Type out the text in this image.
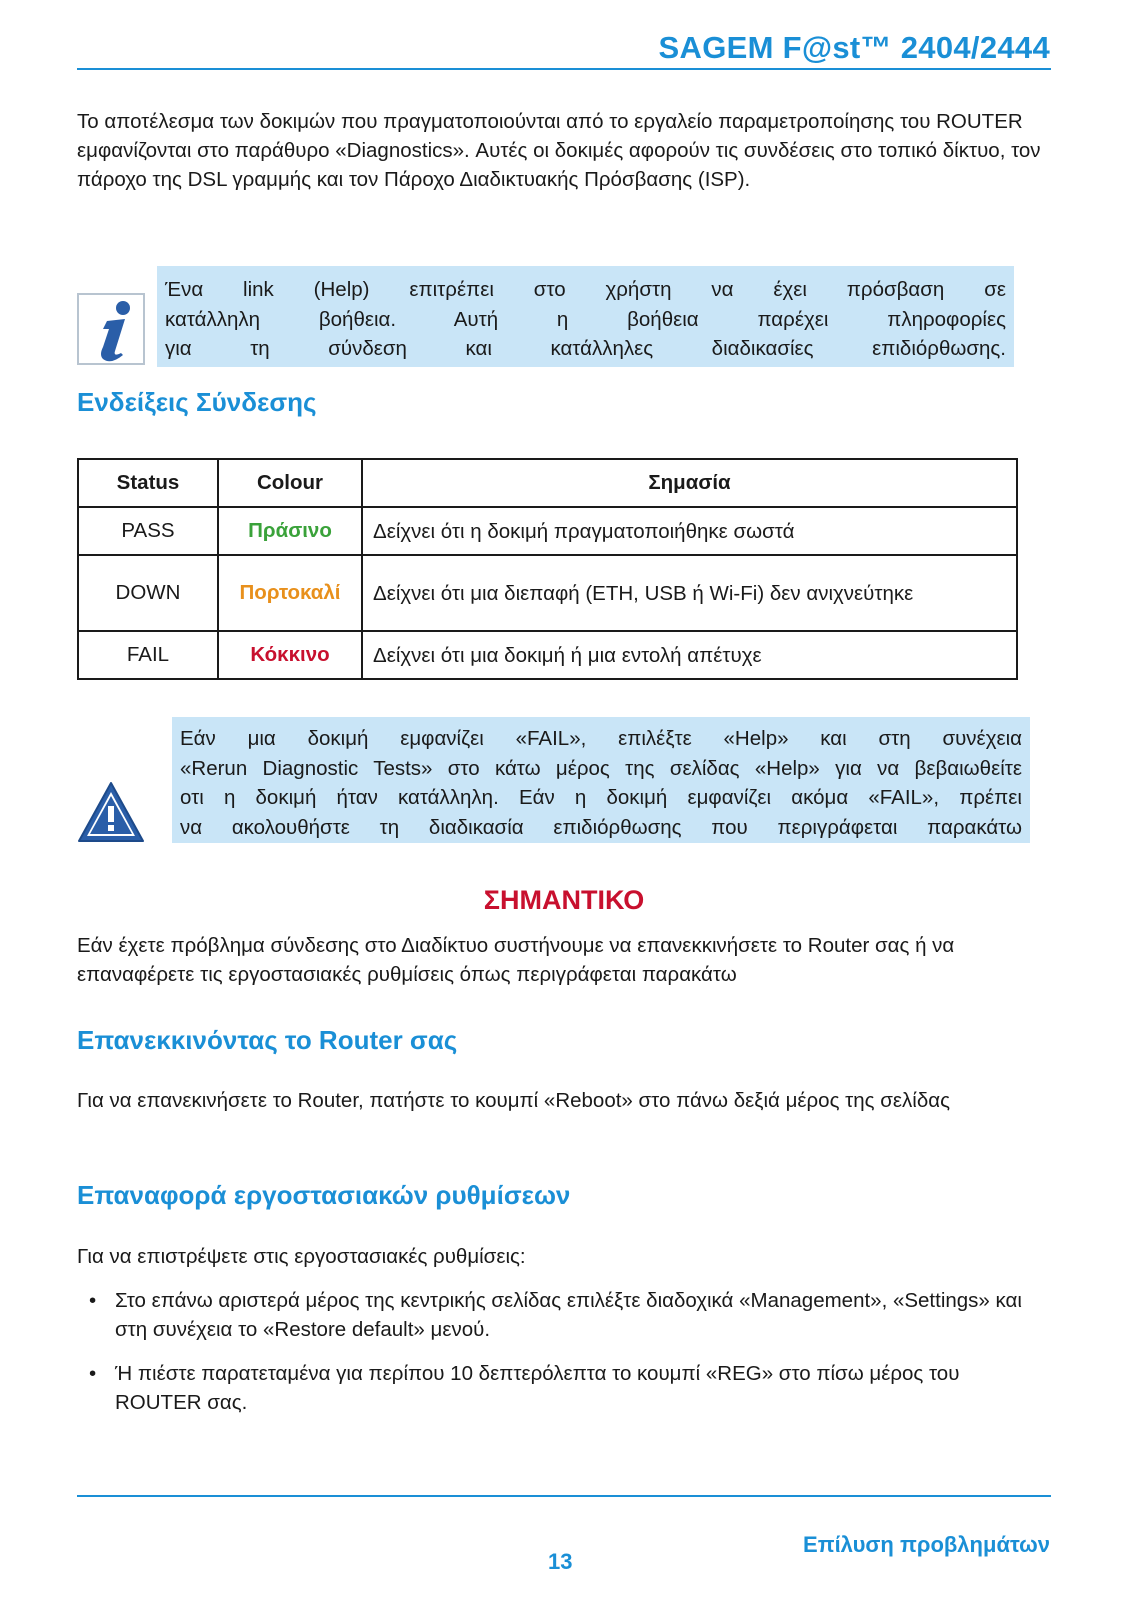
SAGEM F@st™ 2404/2444

Το αποτέλεσμα των δοκιμών που πραγματοποιούνται από το εργαλείο παραμετροποίησης του ROUTER εμφανίζονται στο παράθυρο «Diagnostics». Αυτές οι δοκιμές αφορούν τις συνδέσεις στο τοπικό δίκτυο, τον πάροχο της DSL γραμμής και τον Πάροχο Διαδικτυακής Πρόσβασης (ISP).

Ένα link (Help) επιτρέπει στο χρήστη να έχει πρόσβαση σε
κατάλληλη βοήθεια. Αυτή η βοήθεια παρέχει πληροφορίες
για τη σύνδεση και κατάλληλες διαδικασίες επιδιόρθωσης.
Ενδείξεις Σύνδεσης
Status	Colour	Σημασία
PASS	Πράσινο	Δείχνει ότι η δοκιμή πραγματοποιήθηκε σωστά
DOWN	Πορτοκαλί	Δείχνει ότι μια διεπαφή (ETH, USB ή Wi-Fi) δεν ανιχνεύτηκε
FAIL	Κόκκινο	Δείχνει ότι μια δοκιμή ή μια εντολή απέτυχε
Εάν μια δοκιμή εμφανίζει «FAIL», επιλέξτε «Help» και στη συνέχεια
«Rerun Diagnostic Tests» στο κάτω μέρος της σελίδας «Help» για να βεβαιωθείτε
οτι η δοκιμή ήταν κατάλληλη. Εάν η δοκιμή εμφανίζει ακόμα «FAIL», πρέπει
να ακολουθήστε τη διαδικασία επιδιόρθωσης που περιγράφεται παρακάτω
ΣΗΜΑΝΤΙΚΟ

Εάν έχετε πρόβλημα σύνδεσης στο Διαδίκτυο συστήνουμε να επανεκκινήσετε το Router σας ή να επαναφέρετε τις εργοστασιακές ρυθμίσεις όπως περιγράφεται παρακάτω

Επανεκκινόντας το Router σας

Για να επανεκινήσετε το Router, πατήστε το κουμπί «Reboot» στο πάνω δεξιά μέρος της σελίδας

Επαναφορά εργοστασιακών ρυθμίσεων

Για να επιστρέψετε στις εργοστασιακές ρυθμίσεις:

• Στο επάνω αριστερά μέρος της κεντρικής σελίδας επιλέξτε διαδοχικά «Management», «Settings» και στη συνέχεια το «Restore default» μενού.
• Ή πιέστε παρατεταμένα για περίπου 10 δεπτερόλεπτα το κουμπί «REG» στο πίσω μέρος του ROUTER σας.
Επίλυση προβλημάτων
13
